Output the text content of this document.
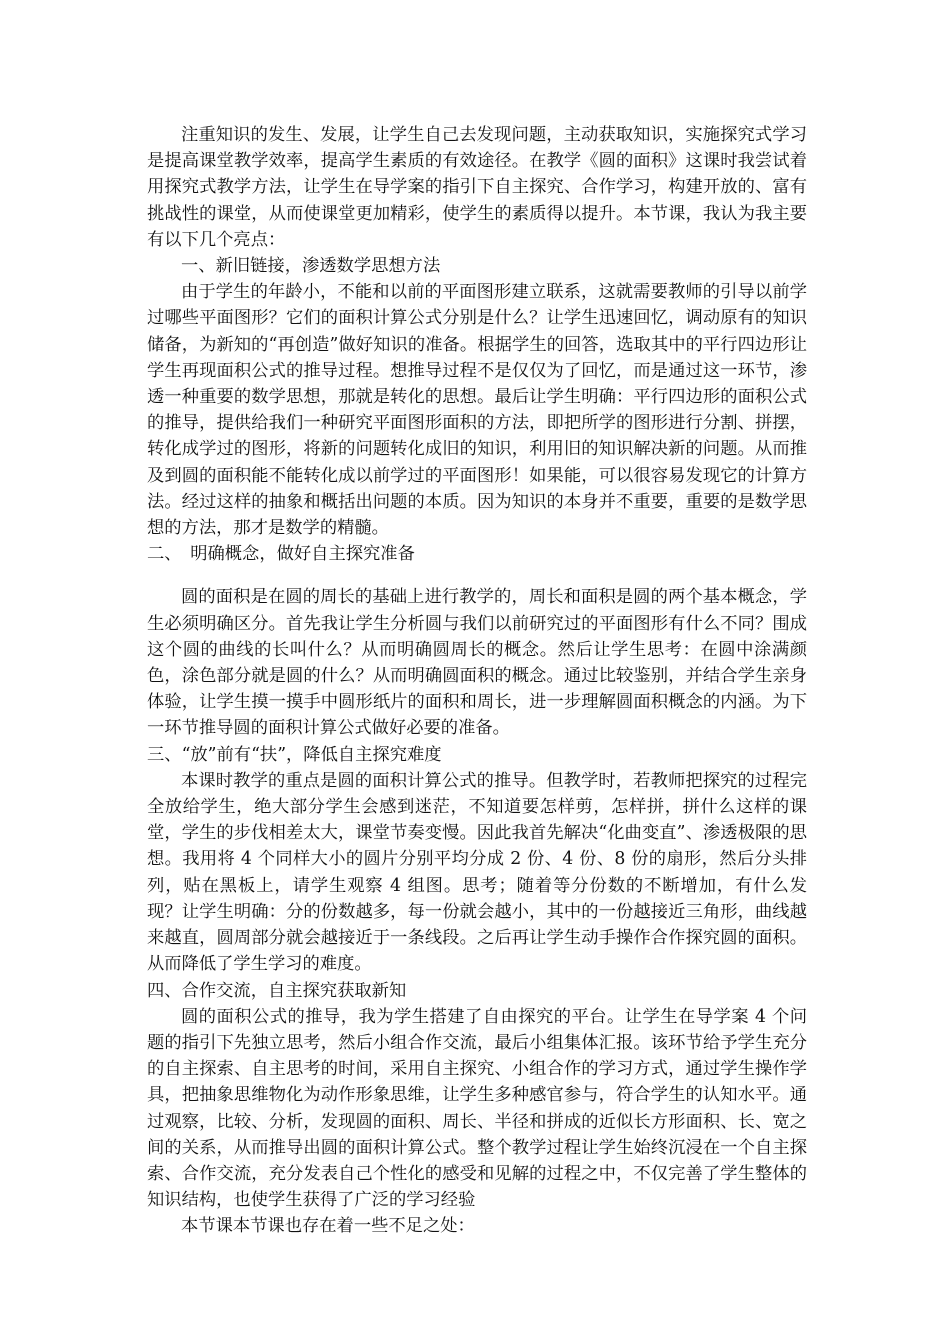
注重知识的发生、发展，让学生自己去发现问题，主动获取知识，实施探究式学习是提高课堂教学效率，提高学生素质的有效途径。在教学《圆的面积》这课时我尝试着用探究式教学方法，让学生在导学案的指引下自主探究、合作学习，构建开放的、富有挑战性的课堂，从而使课堂更加精彩，使学生的素质得以提升。本节课，我认为我主要有以下几个亮点：

一、新旧链接，渗透数学思想方法

由于学生的年龄小，不能和以前的平面图形建立联系，这就需要教师的引导以前学过哪些平面图形？它们的面积计算公式分别是什么？让学生迅速回忆，调动原有的知识储备，为新知的“再创造”做好知识的准备。根据学生的回答，选取其中的平行四边形让学生再现面积公式的推导过程。想推导过程不是仅仅为了回忆，而是通过这一环节，渗透一种重要的数学思想，那就是转化的思想。最后让学生明确：平行四边形的面积公式的推导，提供给我们一种研究平面图形面积的方法，即把所学的图形进行分割、拼摆，转化成学过的图形，将新的问题转化成旧的知识，利用旧的知识解决新的问题。从而推及到圆的面积能不能转化成以前学过的平面图形！如果能，可以很容易发现它的计算方法。经过这样的抽象和概括出问题的本质。因为知识的本身并不重要，重要的是数学思想的方法，那才是数学的精髓。

二、　明确概念，做好自主探究准备

圆的面积是在圆的周长的基础上进行教学的，周长和面积是圆的两个基本概念，学生必须明确区分。首先我让学生分析圆与我们以前研究过的平面图形有什么不同？围成这个圆的曲线的长叫什么？从而明确圆周长的概念。然后让学生思考：在圆中涂满颜色，涂色部分就是圆的什么？从而明确圆面积的概念。通过比较鉴别，并结合学生亲身体验，让学生摸一摸手中圆形纸片的面积和周长，进一步理解圆面积概念的内涵。为下一环节推导圆的面积计算公式做好必要的准备。

三、“放”前有“扶”，降低自主探究难度

本课时教学的重点是圆的面积计算公式的推导。但教学时，若教师把探究的过程完全放给学生，绝大部分学生会感到迷茫，不知道要怎样剪，怎样拼，拼什么这样的课堂，学生的步伐相差太大，课堂节奏变慢。因此我首先解决“化曲变直”、渗透极限的思想。我用将 4 个同样大小的圆片分别平均分成 2 份、4 份、8 份的扇形，然后分头排列，贴在黑板上，请学生观察 4 组图。思考；随着等分份数的不断增加，有什么发现？让学生明确：分的份数越多，每一份就会越小，其中的一份越接近三角形，曲线越来越直，圆周部分就会越接近于一条线段。之后再让学生动手操作合作探究圆的面积。从而降低了学生学习的难度。

四、合作交流，自主探究获取新知

圆的面积公式的推导，我为学生搭建了自由探究的平台。让学生在导学案 4 个问题的指引下先独立思考，然后小组合作交流，最后小组集体汇报。该环节给予学生充分的自主探索、自主思考的时间，采用自主探究、小组合作的学习方式，通过学生操作学具，把抽象思维物化为动作形象思维，让学生多种感官参与，符合学生的认知水平。通过观察，比较、分析，发现圆的面积、周长、半径和拼成的近似长方形面积、长、宽之间的关系，从而推导出圆的面积计算公式。整个教学过程让学生始终沉浸在一个自主探索、合作交流，充分发表自己个性化的感受和见解的过程之中，不仅完善了学生整体的知识结构，也使学生获得了广泛的学习经验

本节课本节课也存在着一些不足之处：
